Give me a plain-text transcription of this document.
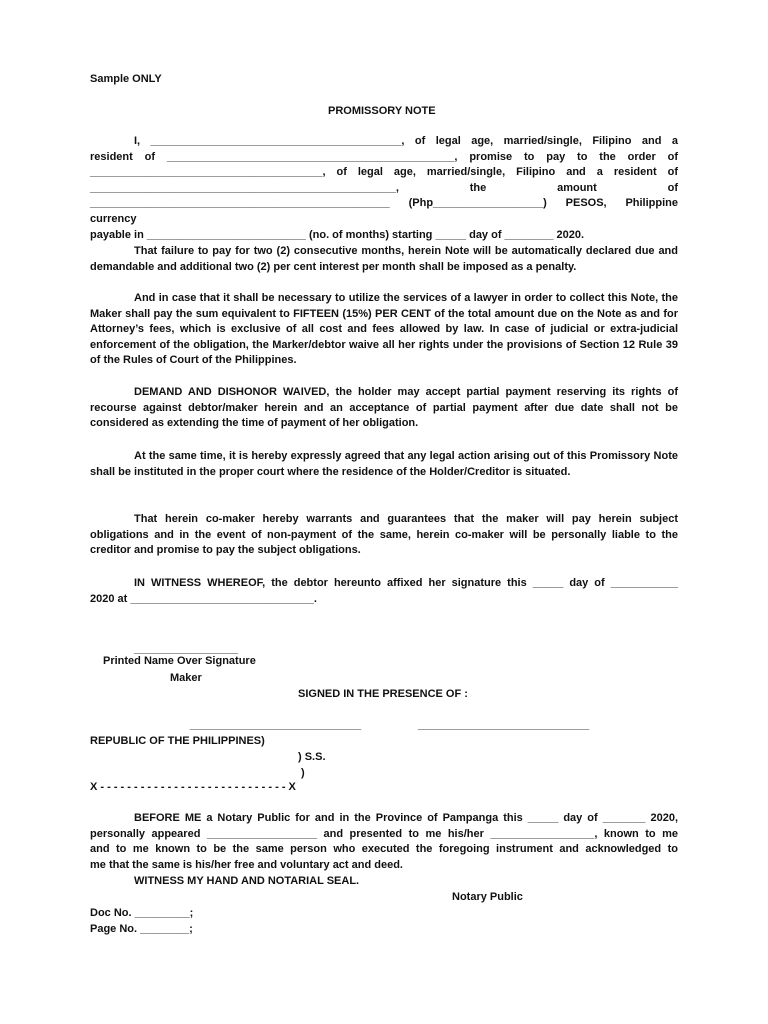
Sample ONLY

PROMISSORY NOTE

I, _________________________________________, of legal age, married/single, Filipino and a
resident of _______________________________________________, promise to pay to the order of
______________________________________, of legal age, married/single, Filipino and a resident of
__________________________________________________, the amount of
_________________________________________________ (Php__________________) PESOS, Philippine currency
payable in __________________________ (no. of months) starting _____ day of ________ 2020.

That failure to pay for two (2) consecutive months, herein Note will be automatically declared due and demandable and additional two (2) per cent interest per month shall be imposed as a penalty.

And in case that it shall be necessary to utilize the services of a lawyer in order to collect this Note, the Maker shall pay the sum equivalent to FIFTEEN (15%) PER CENT of the total amount due on the Note as and for Attorney’s fees, which is exclusive of all cost and fees allowed by law. In case of judicial or extra-judicial enforcement of the obligation, the Marker/debtor waive all her rights under the provisions of Section 12 Rule 39 of the Rules of Court of the Philippines.

DEMAND AND DISHONOR WAIVED, the holder may accept partial payment reserving its rights of recourse against debtor/maker herein and an acceptance of partial payment after due date shall not be considered as extending the time of payment of her obligation.

At the same time, it is hereby expressly agreed that any legal action arising out of this Promissory Note shall be instituted in the proper court where the residence of the Holder/Creditor is situated.

That herein co-maker hereby warrants and guarantees that the maker will pay herein subject obligations and in the event of non-payment of the same, herein co-maker will be personally liable to the creditor and promise to pay the subject obligations.

IN WITNESS WHEREOF, the debtor hereunto affixed her signature this _____ day of ___________
2020 at ______________________________.

_________________

Printed Name Over Signature

Maker

SIGNED IN THE PRESENCE OF :

____________________________	____________________________

REPUBLIC OF THE PHILIPPINES)

) S.S.

)

X - - - - - - - - - - - - - - - - - - - - - - - - - - - - X

BEFORE ME a Notary Public for and in the Province of Pampanga this _____ day of _______ 2020,
personally appeared __________________ and presented to me his/her _________________, known to me
and to me known to be the same person who executed the foregoing instrument and acknowledged to
me that the same is his/her free and voluntary act and deed.

WITNESS MY HAND AND NOTARIAL SEAL.

Notary Public

Doc No. _________;

Page No. ________;
